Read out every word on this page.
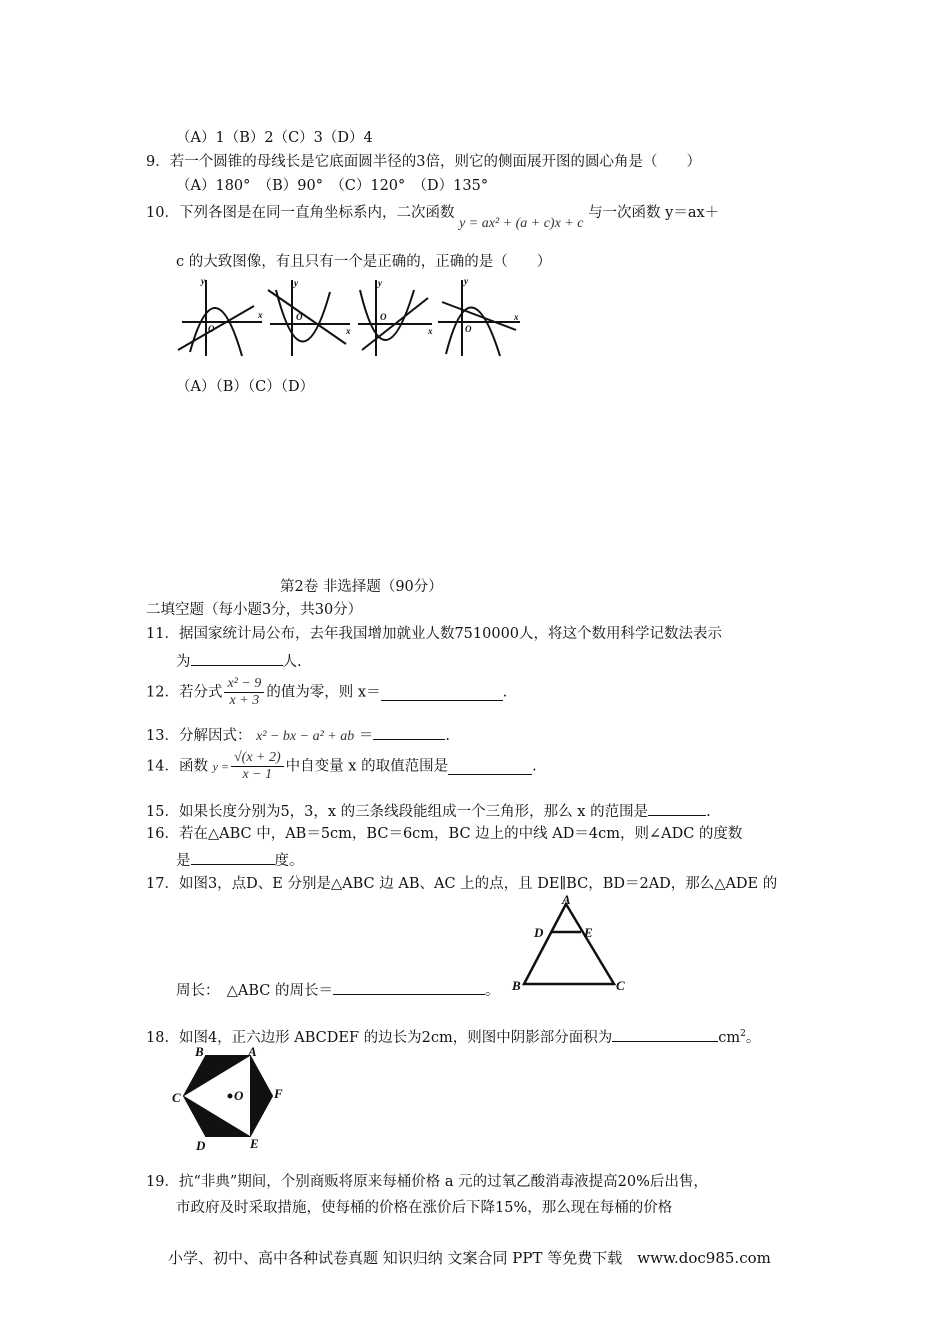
（A）1（B）2（C）3（D）4
9．若一个圆锥的母线长是它底面圆半径的3倍，则它的侧面展开图的圆心角是（　　）
（A）180°　（B）90°　（C）120°　（D）135°
10．下列各图是在同一直角坐标系内，二次函数 y = ax² + (a + c)x + c 与一次函数 y＝ax＋
c 的大致图像，有且只有一个是正确的，正确的是（　　）
y
x
O
y
x
O
y
x
O
y
x
O
（A）（B）（C）（D）
第2卷 非选择题（90分）
二填空题（每小题3分，共30分）
11．据国家统计局公布，去年我国增加就业人数7510000人，将这个数用科学记数法表示
为	人.
12．若分式 $\frac{\text{x² − 9}}{x + 3}$ 的值为零，则 x＝	.
13．分解因式： x² − bx − a² + ab ＝	.
14．函数 $y = \frac{√(x + 2)}{x - 1}$ 中自变量 x 的取值范围是	.
15．如果长度分别为5，3，x 的三条线段能组成一个三角形，那么 x 的范围是	.
16．若在△ABC 中，AB＝5cm，BC＝6cm，BC 边上的中线 AD＝4cm，则∠ADC 的度数
是	度。
17．如图3，点D、E 分别是△ABC 边 AB、AC 上的点，且 DE∥BC，BD＝2AD，那么△ADE 的
A
D	E
B	C
周长：　△ABC 的周长＝	。
18．如图4，正六边形 ABCDEF 的边长为2cm，则图中阴影部分面积为	$cm^2$。
B	A
C	F
O
D	E
19．抗“非典”期间，个别商贩将原来每桶价格 a 元的过氧乙酸消毒液提高20%后出售，
市政府及时采取措施，使每桶的价格在涨价后下降15%，那么现在每桶的价格
小学、初中、高中各种试卷真题 知识归纳 文案合同 PPT 等免费下载　www.doc985.com
